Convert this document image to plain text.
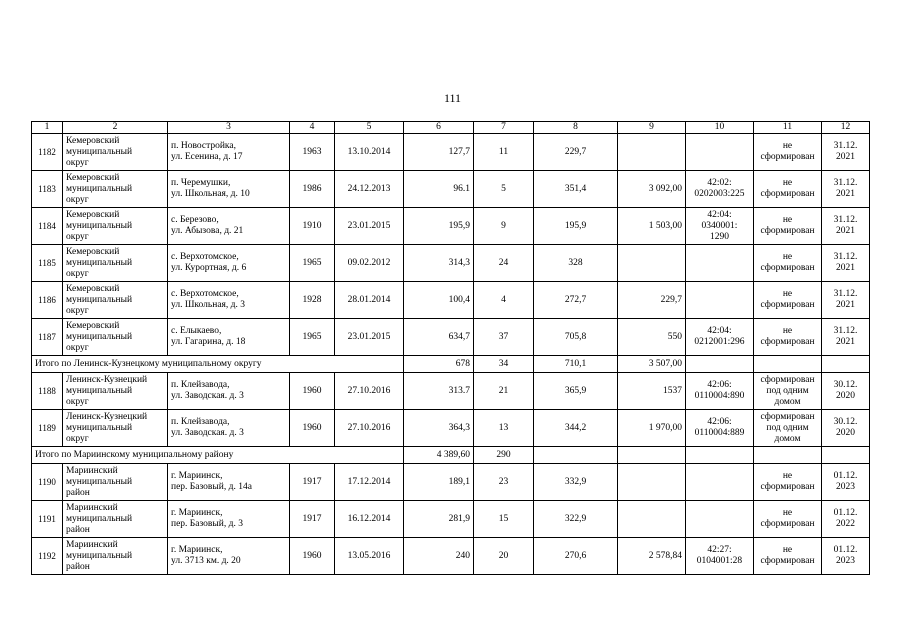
111
1	2	3	4	5	6	7	8	9	10	11	12
1182	Кемеровский
муниципальный
округ	п. Новостройка,
ул. Есенина, д. 17	1963	13.10.2014	127,7	11	229,7			не
сформирован	31.12.
2021
1183	Кемеровский
муниципальный
округ	п. Черемушки,
ул. Школьная, д. 10	1986	24.12.2013	96.1	5	351,4	3 092,00	42:02:
0202003:225	не
сформирован	31.12.
2021
1184	Кемеровский
муниципальный
округ	с. Березово,
ул. Абызова, д. 21	1910	23.01.2015	195,9	9	195,9	1 503,00	42:04:
0340001:
1290	не
сформирован	31.12.
2021
1185	Кемеровский
муниципальный
округ	с. Верхотомское,
ул. Курортная, д. 6	1965	09.02.2012	314,3	24	328			не
сформирован	31.12.
2021
1186	Кемеровский
муниципальный
округ	с. Верхотомское,
ул. Школьная, д. 3	1928	28.01.2014	100,4	4	272,7	229,7		не
сформирован	31.12.
2021
1187	Кемеровский
муниципальный
округ	с. Елыкаево,
ул. Гагарина, д. 18	1965	23.01.2015	634,7	37	705,8	550	42:04:
0212001:296	не
сформирован	31.12.
2021
Итого по Ленинск-Кузнецкому муниципальному округу					678	34	710,1	3 507,00			
1188	Ленинск-Кузнецкий
муниципальный
округ	п. Клейзавода,
ул. Заводская. д. 3	1960	27.10.2016	313.7	21	365,9	1537	42:06:
0110004:890	сформирован
под одним
домом	30.12.
2020
1189	Ленинск-Кузнецкий
муниципальный
округ	п. Клейзавода,
ул. Заводская. д. 3	1960	27.10.2016	364,3	13	344,2	1 970,00	42:06:
0110004:889	сформирован
под одним
домом	30.12.
2020
Итого по Мариинскому муниципальному району					4 389,60	290					
1190	Мариинский
муниципальный
район	г. Мариинск,
пер. Базовый, д. 14а	1917	17.12.2014	189,1	23	332,9			не
сформирован	01.12.
2023
1191	Мариинский
муниципальный
район	г. Мариинск,
пер. Базовый, д. 3	1917	16.12.2014	281,9	15	322,9			не
сформирован	01.12.
2022
1192	Мариинский
муниципальный
район	г. Мариинск,
ул. 3713 км. д. 20	1960	13.05.2016	240	20	270,6	2 578,84	42:27:
0104001:28	не
сформирован	01.12.
2023
